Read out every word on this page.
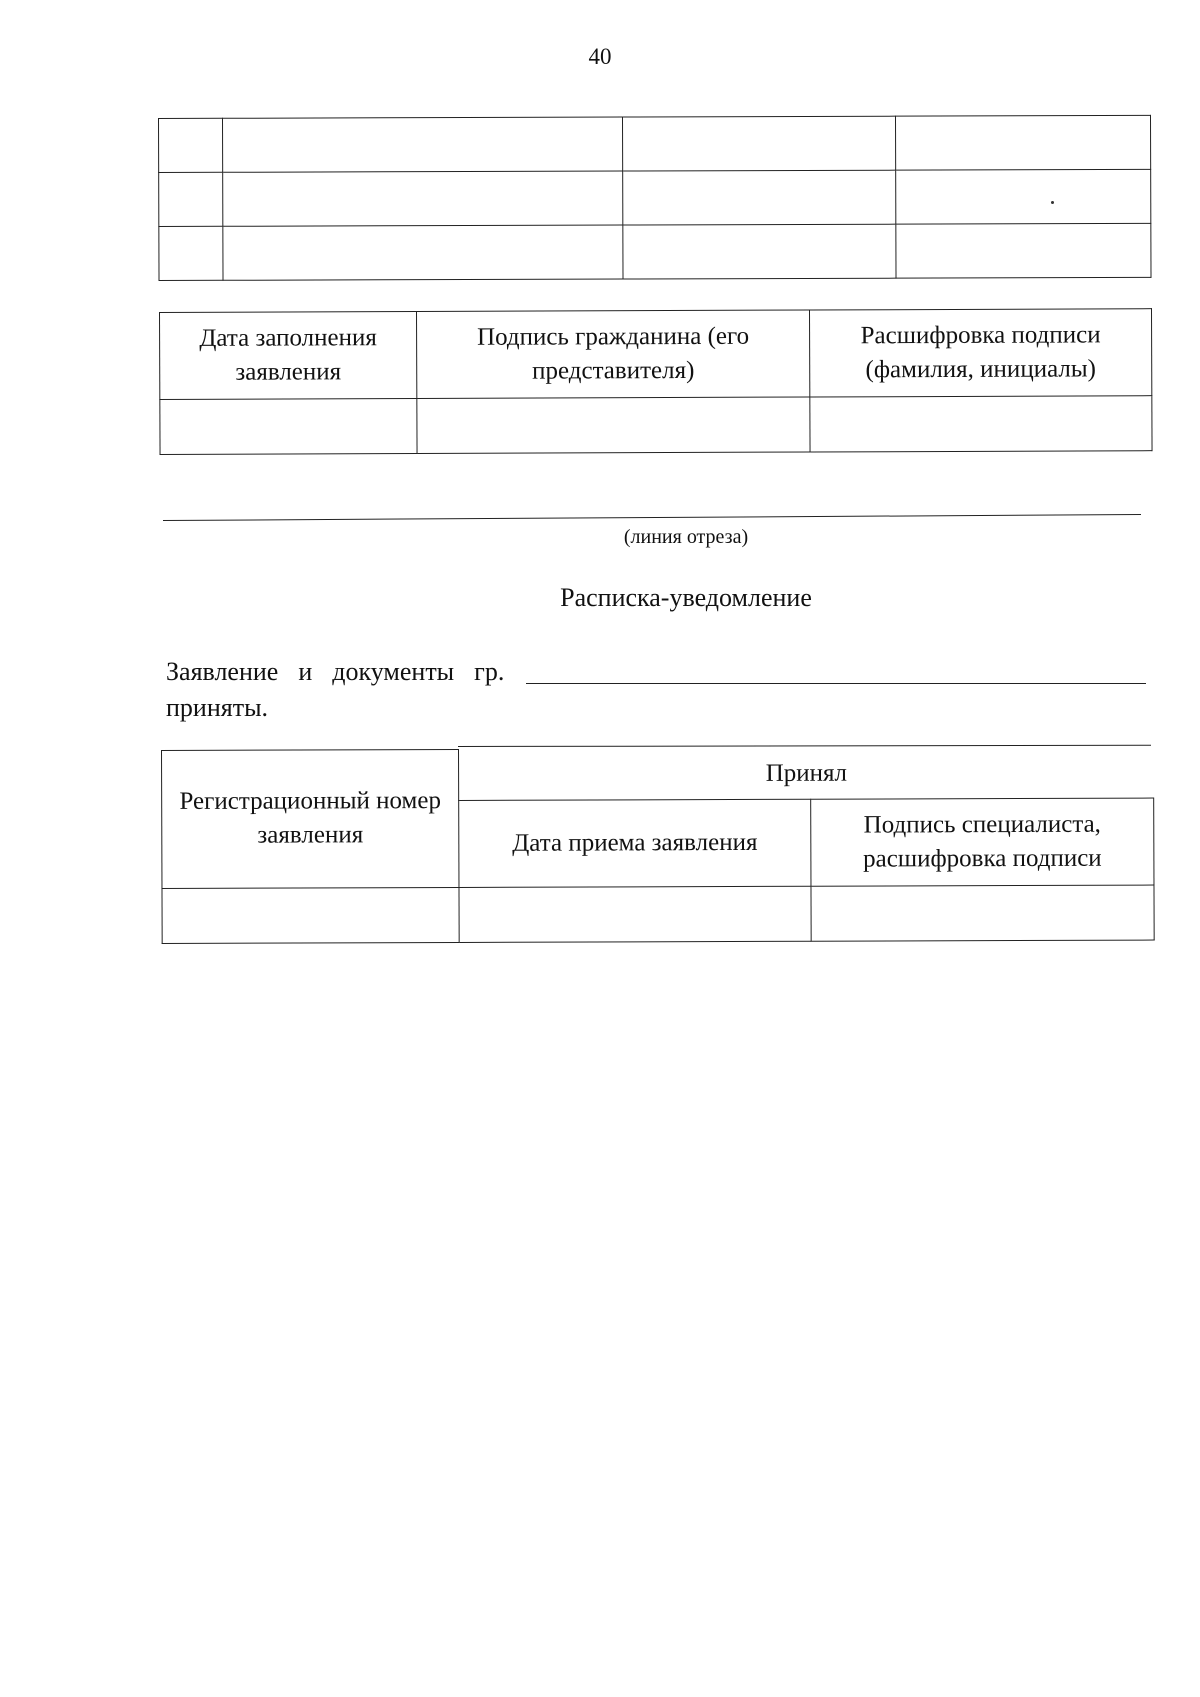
40

Дата заполнения заявления	Подпись гражданина (его представителя)	Расшифровка подписи (фамилия, инициалы)

(линия отреза)
Расписка-уведомление
Заявление и документы гр.
приняты.
Регистрационный номер заявления	Принял	
	Дата приема заявления	Подпись специалиста, расшифровка подписи
